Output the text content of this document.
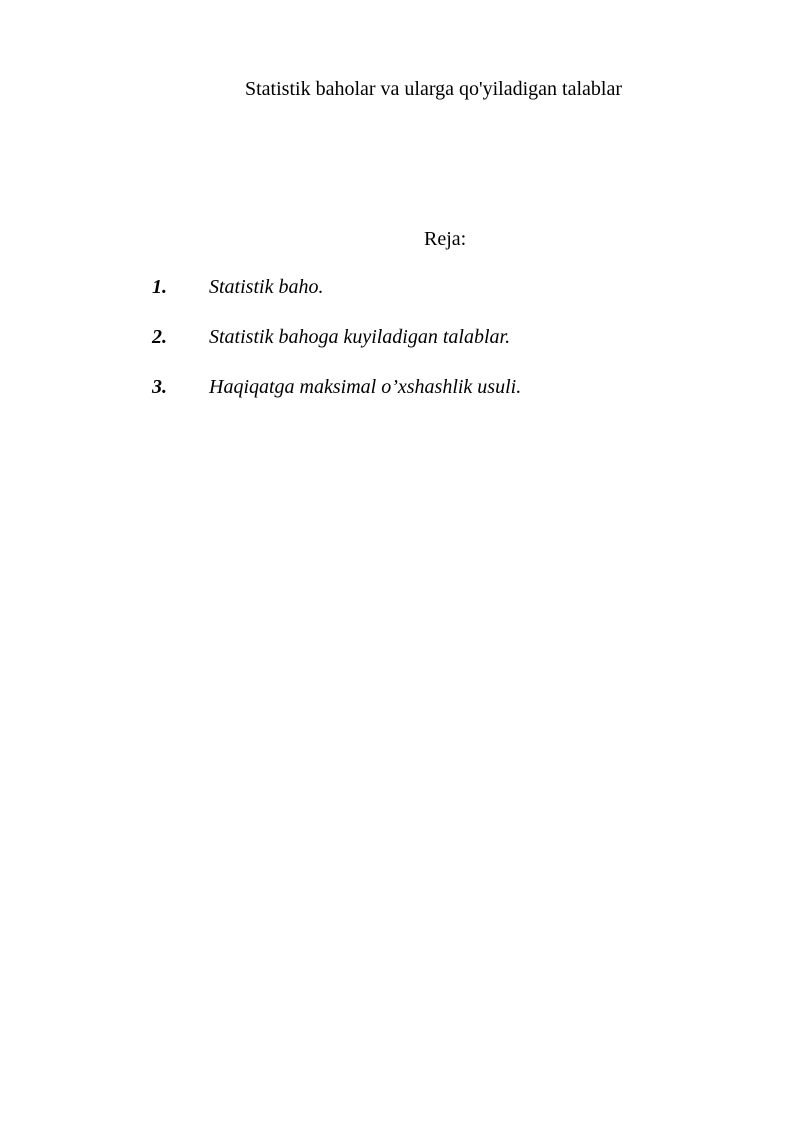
Statistik baholar va ularga qo'yiladigan talablar
Reja:
1. Statistik baho.
2. Statistik bahoga kuyiladigan talablar.
3. Haqiqatga maksimal o’xshashlik usuli.
